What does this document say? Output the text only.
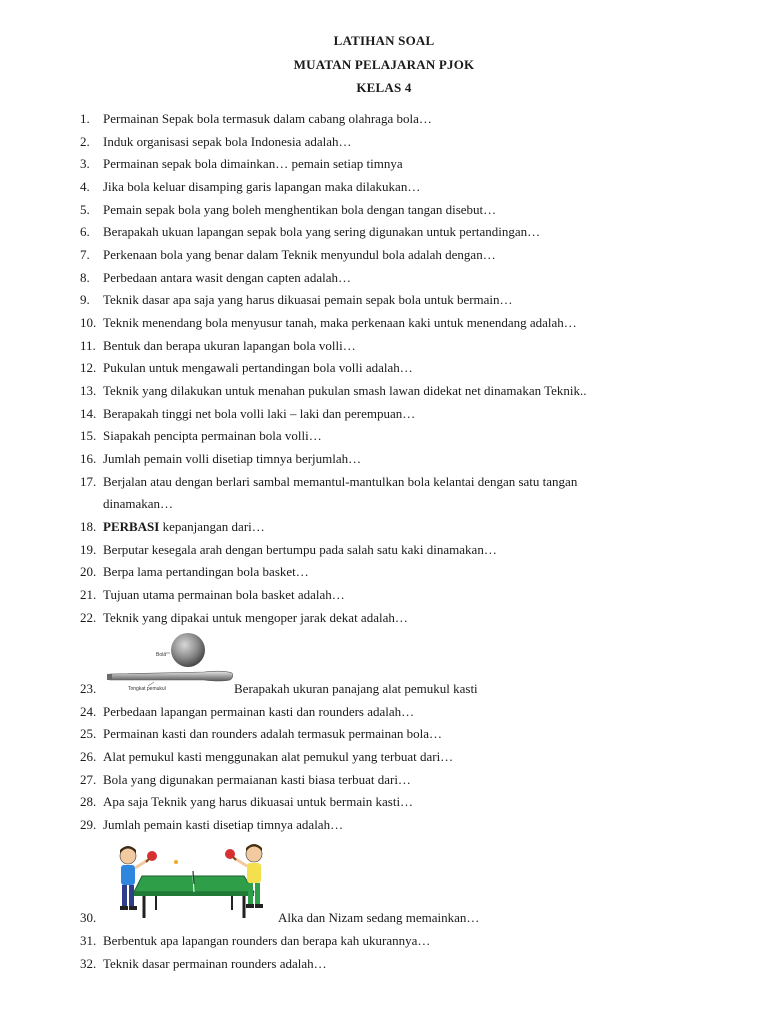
LATIHAN SOAL
MUATAN PELAJARAN PJOK
KELAS 4
1. Permainan Sepak bola termasuk dalam cabang olahraga bola…
2. Induk organisasi sepak bola Indonesia adalah…
3. Permainan sepak bola dimainkan… pemain setiap timnya
4. Jika bola keluar disamping garis lapangan maka dilakukan…
5. Pemain sepak bola yang boleh menghentikan bola dengan tangan disebut…
6. Berapakah ukuan lapangan sepak bola yang sering digunakan untuk pertandingan…
7. Perkenaan bola yang benar dalam Teknik menyundul bola adalah dengan…
8. Perbedaan antara wasit dengan capten adalah…
9. Teknik dasar apa saja yang harus dikuasai pemain sepak bola untuk bermain…
10. Teknik menendang bola menyusur tanah, maka perkenaan kaki untuk menendang adalah…
11. Bentuk dan berapa ukuran lapangan bola volli…
12. Pukulan untuk mengawali pertandingan bola volli adalah…
13. Teknik yang dilakukan untuk menahan pukulan smash lawan didekat net dinamakan Teknik..
14. Berapakah tinggi net bola volli laki – laki dan perempuan…
15. Siapakah pencipta permainan bola volli…
16. Jumlah pemain volli disetiap timnya berjumlah…
17. Berjalan atau dengan berlari sambal memantul-mantulkan bola kelantai dengan satu tangan
dinamakan…
18. PERBASI kepanjangan dari…
19. Berputar kesegala arah dengan bertumpu pada salah satu kaki dinamakan…
20. Berpa lama pertandingan bola basket…
21. Tujuan utama permainan bola basket adalah…
22. Teknik yang dipakai untuk mengoper jarak dekat adalah…
Bola
Tongkat pemukul
23.	Berapakah ukuran panajang alat pemukul kasti
24. Perbedaan lapangan permainan kasti dan rounders adalah…
25. Permainan kasti dan rounders adalah termasuk permainan bola…
26. Alat pemukul kasti menggunakan alat pemukul yang terbuat dari…
27. Bola yang digunakan permaianan kasti biasa terbuat dari…
28. Apa saja Teknik yang harus dikuasai untuk bermain kasti…
29. Jumlah pemain kasti disetiap timnya adalah…
30.	Alka dan Nizam sedang memainkan…
31. Berbentuk apa lapangan rounders dan berapa kah ukurannya…
32. Teknik dasar permainan rounders adalah…
